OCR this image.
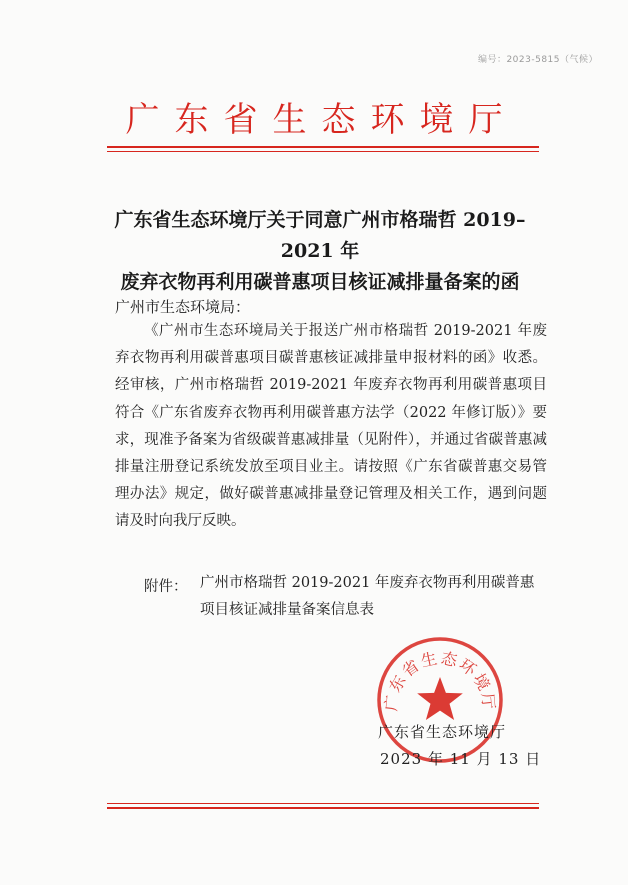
编号：2023-5815（气候）
广东省生态环境厅
广东省生态环境厅关于同意广州市格瑞哲 2019–2021 年
废弃衣物再利用碳普惠项目核证减排量备案的函
广州市生态环境局：
《广州市生态环境局关于报送广州市格瑞哲 2019-2021 年废弃衣物再利用碳普惠项目碳普惠核证减排量申报材料的函》收悉。经审核，广州市格瑞哲 2019-2021 年废弃衣物再利用碳普惠项目符合《广东省废弃衣物再利用碳普惠方法学（2022 年修订版）》要求，现准予备案为省级碳普惠减排量（见附件），并通过省碳普惠减排量注册登记系统发放至项目业主。请按照《广东省碳普惠交易管理办法》规定，做好碳普惠减排量登记管理及相关工作，遇到问题请及时向我厅反映。
附件： 广州市格瑞哲 2019-2021 年废弃衣物再利用碳普惠项目核证减排量备案信息表
广东省生态环境厅
广东省生态环境厅
2023 年 11 月 13 日
